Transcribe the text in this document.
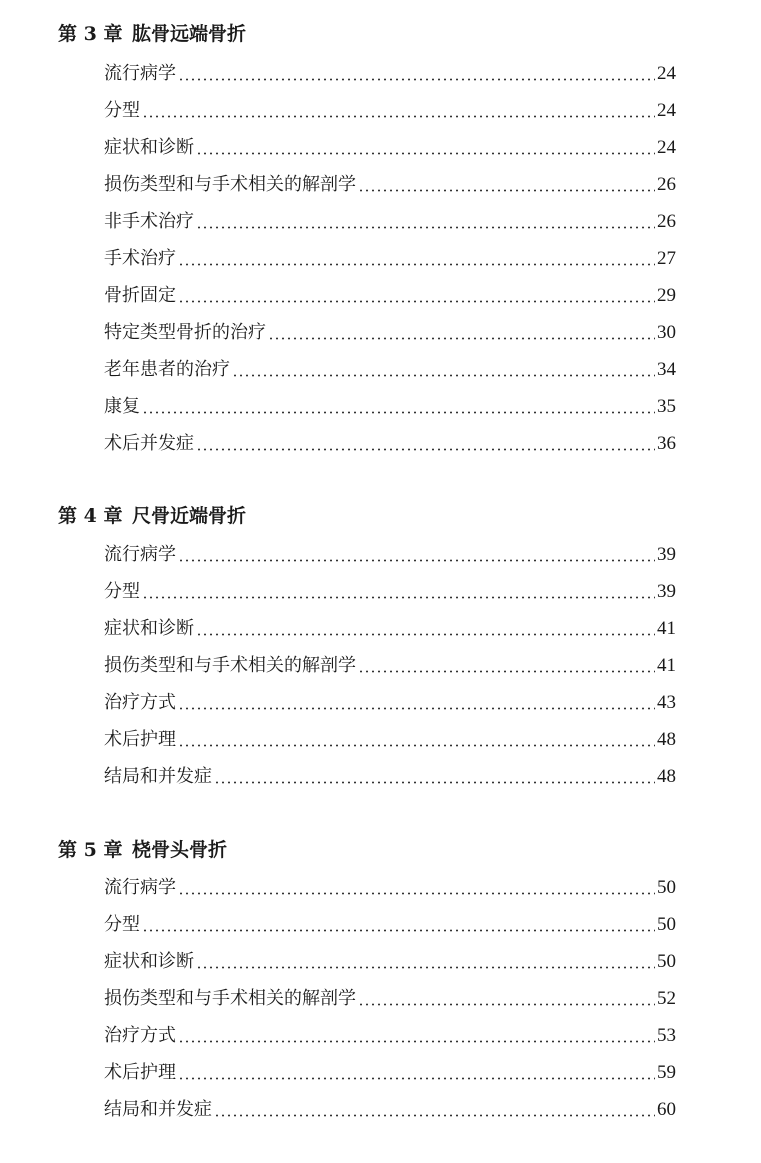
第 3 章 肱骨远端骨折
流行病学	24
分型	24
症状和诊断	24
损伤类型和与手术相关的解剖学	26
非手术治疗	26
手术治疗	27
骨折固定	29
特定类型骨折的治疗	30
老年患者的治疗	34
康复	35
术后并发症	36
第 4 章 尺骨近端骨折
流行病学	39
分型	39
症状和诊断	41
损伤类型和与手术相关的解剖学	41
治疗方式	43
术后护理	48
结局和并发症	48
第 5 章 桡骨头骨折
流行病学	50
分型	50
症状和诊断	50
损伤类型和与手术相关的解剖学	52
治疗方式	53
术后护理	59
结局和并发症	60
